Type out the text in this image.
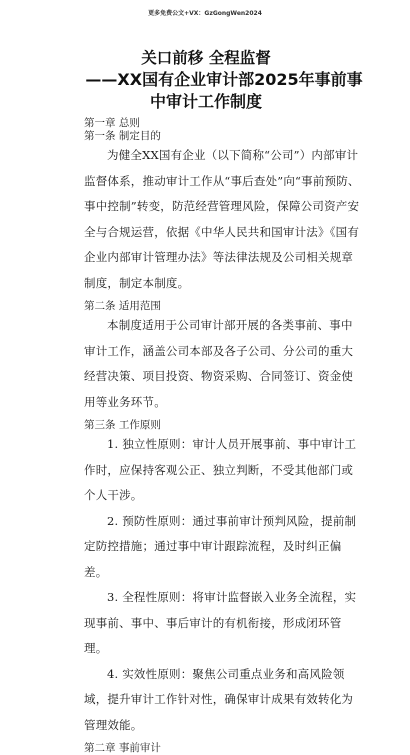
更多免费公文+VX：GzGongWen2024

关口前移 全程监督

——XX国有企业审计部2025年事前事

中审计工作制度

第一章 总则

第一条 制定目的

为健全XX国有企业（以下简称“公司”）内部审计监督体系，推动审计工作从“事后查处”向“事前预防、事中控制”转变，防范经营管理风险，保障公司资产安全与合规运营，依据《中华人民共和国审计法》《国有企业内部审计管理办法》等法律法规及公司相关规章制度，制定本制度。

第二条 适用范围

本制度适用于公司审计部开展的各类事前、事中审计工作，涵盖公司本部及各子公司、分公司的重大经营决策、项目投资、物资采购、合同签订、资金使用等业务环节。

第三条 工作原则

1. 独立性原则：审计人员开展事前、事中审计工作时，应保持客观公正、独立判断，不受其他部门或个人干涉。

2. 预防性原则：通过事前审计预判风险，提前制定防控措施；通过事中审计跟踪流程，及时纠正偏差。

3. 全程性原则：将审计监督嵌入业务全流程，实现事前、事中、事后审计的有机衔接，形成闭环管理。

4. 实效性原则：聚焦公司重点业务和高风险领域，提升审计工作针对性，确保审计成果有效转化为管理效能。

第二章 事前审计
